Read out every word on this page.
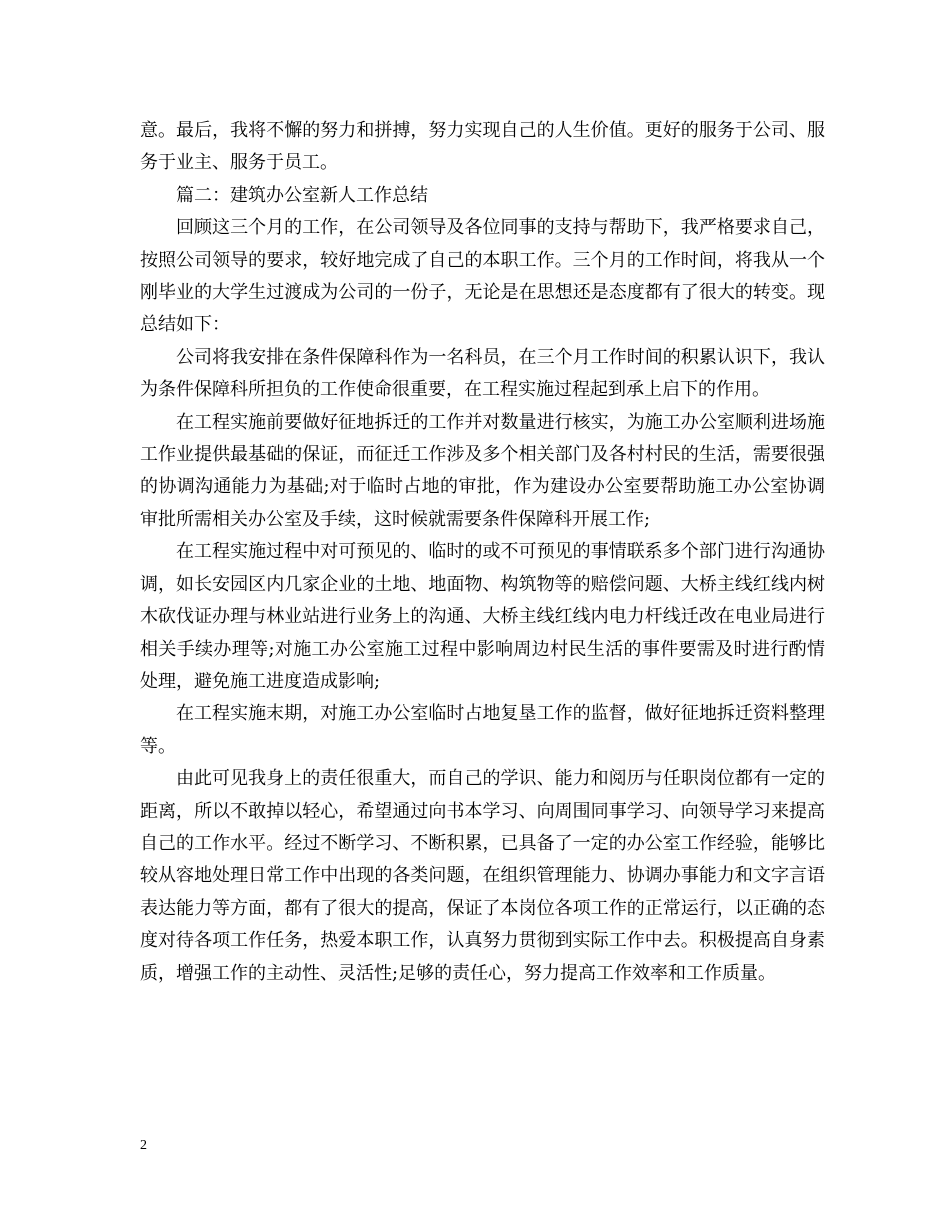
意。最后，我将不懈的努力和拼搏，努力实现自己的人生价值。更好的服务于公司、服务于业主、服务于员工。

篇二：建筑办公室新人工作总结

回顾这三个月的工作，在公司领导及各位同事的支持与帮助下，我严格要求自己，按照公司领导的要求，较好地完成了自己的本职工作。三个月的工作时间，将我从一个刚毕业的大学生过渡成为公司的一份子，无论是在思想还是态度都有了很大的转变。现总结如下：

公司将我安排在条件保障科作为一名科员，在三个月工作时间的积累认识下，我认为条件保障科所担负的工作使命很重要，在工程实施过程起到承上启下的作用。

在工程实施前要做好征地拆迁的工作并对数量进行核实，为施工办公室顺利进场施工作业提供最基础的保证，而征迁工作涉及多个相关部门及各村村民的生活，需要很强的协调沟通能力为基础;对于临时占地的审批，作为建设办公室要帮助施工办公室协调审批所需相关办公室及手续，这时候就需要条件保障科开展工作;

在工程实施过程中对可预见的、临时的或不可预见的事情联系多个部门进行沟通协调，如长安园区内几家企业的土地、地面物、构筑物等的赔偿问题、大桥主线红线内树木砍伐证办理与林业站进行业务上的沟通、大桥主线红线内电力杆线迁改在电业局进行相关手续办理等;对施工办公室施工过程中影响周边村民生活的事件要需及时进行酌情处理，避免施工进度造成影响;

在工程实施末期，对施工办公室临时占地复垦工作的监督，做好征地拆迁资料整理等。

由此可见我身上的责任很重大，而自己的学识、能力和阅历与任职岗位都有一定的距离，所以不敢掉以轻心，希望通过向书本学习、向周围同事学习、向领导学习来提高自己的工作水平。经过不断学习、不断积累，已具备了一定的办公室工作经验，能够比较从容地处理日常工作中出现的各类问题，在组织管理能力、协调办事能力和文字言语表达能力等方面，都有了很大的提高，保证了本岗位各项工作的正常运行，以正确的态度对待各项工作任务，热爱本职工作，认真努力贯彻到实际工作中去。积极提高自身素质，增强工作的主动性、灵活性;足够的责任心，努力提高工作效率和工作质量。

2
